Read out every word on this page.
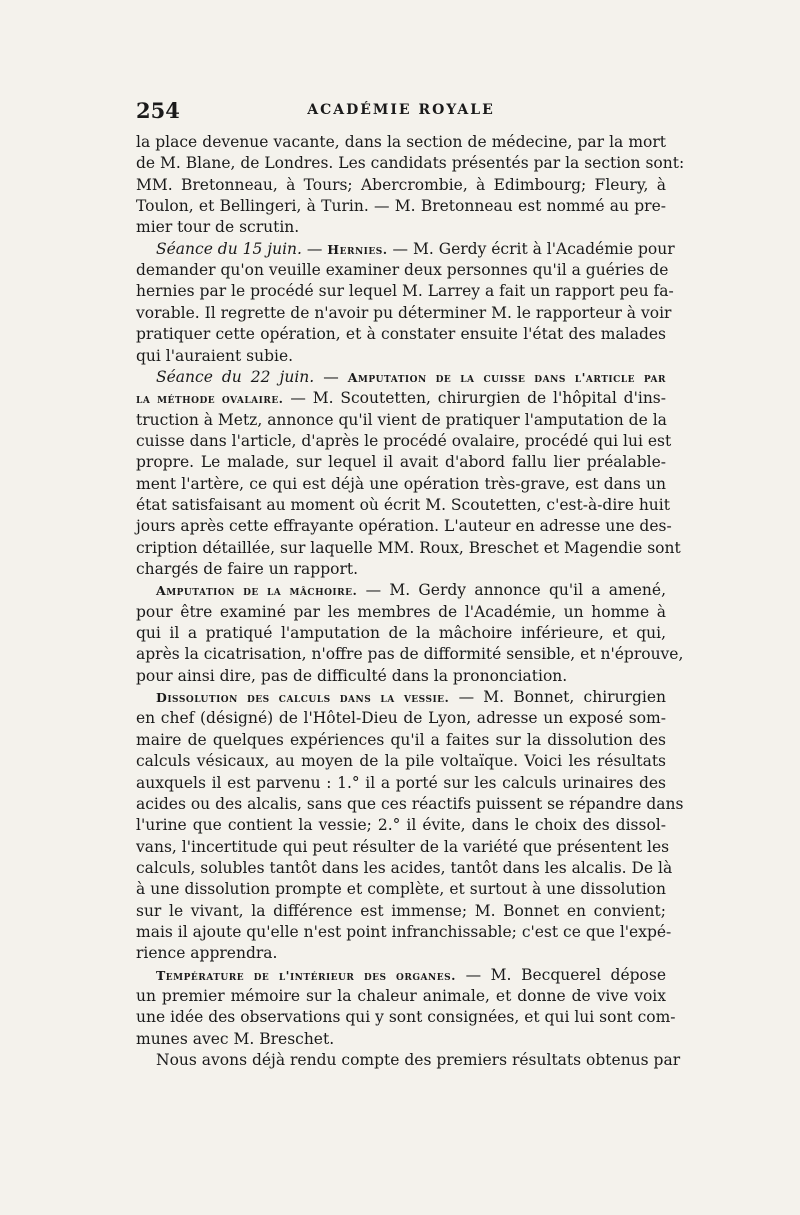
254	ACADÉMIE ROYALE
la place devenue vacante, dans la section de médecine, par la mort
de M. Blane, de Londres. Les candidats présentés par la section sont:
MM. Bretonneau, à Tours; Abercrombie, à Edimbourg; Fleury, à
Toulon, et Bellingeri, à Turin. — M. Bretonneau est nommé au pre-
mier tour de scrutin.
Séance du 15 juin. — Hernies. — M. Gerdy écrit à l'Académie pour
demander qu'on veuille examiner deux personnes qu'il a guéries de
hernies par le procédé sur lequel M. Larrey a fait un rapport peu fa-
vorable. Il regrette de n'avoir pu déterminer M. le rapporteur à voir
pratiquer cette opération, et à constater ensuite l'état des malades
qui l'auraient subie.
Séance du 22 juin. — Amputation de la cuisse dans l'article par
la méthode ovalaire. — M. Scoutetten, chirurgien de l'hôpital d'ins-
truction à Metz, annonce qu'il vient de pratiquer l'amputation de la
cuisse dans l'article, d'après le procédé ovalaire, procédé qui lui est
propre. Le malade, sur lequel il avait d'abord fallu lier préalable-
ment l'artère, ce qui est déjà une opération très-grave, est dans un
état satisfaisant au moment où écrit M. Scoutetten, c'est-à-dire huit
jours après cette effrayante opération. L'auteur en adresse une des-
cription détaillée, sur laquelle MM. Roux, Breschet et Magendie sont
chargés de faire un rapport.
Amputation de la mâchoire. — M. Gerdy annonce qu'il a amené,
pour être examiné par les membres de l'Académie, un homme à
qui il a pratiqué l'amputation de la mâchoire inférieure, et qui,
après la cicatrisation, n'offre pas de difformité sensible, et n'éprouve,
pour ainsi dire, pas de difficulté dans la prononciation.
Dissolution des calculs dans la vessie. — M. Bonnet, chirurgien
en chef (désigné) de l'Hôtel-Dieu de Lyon, adresse un exposé som-
maire de quelques expériences qu'il a faites sur la dissolution des
calculs vésicaux, au moyen de la pile voltaïque. Voici les résultats
auxquels il est parvenu : 1.° il a porté sur les calculs urinaires des
acides ou des alcalis, sans que ces réactifs puissent se répandre dans
l'urine que contient la vessie; 2.° il évite, dans le choix des dissol-
vans, l'incertitude qui peut résulter de la variété que présentent les
calculs, solubles tantôt dans les acides, tantôt dans les alcalis. De là
à une dissolution prompte et complète, et surtout à une dissolution
sur le vivant, la différence est immense; M. Bonnet en convient;
mais il ajoute qu'elle n'est point infranchissable; c'est ce que l'expé-
rience apprendra.
Température de l'intérieur des organes. — M. Becquerel dépose
un premier mémoire sur la chaleur animale, et donne de vive voix
une idée des observations qui y sont consignées, et qui lui sont com-
munes avec M. Breschet.
Nous avons déjà rendu compte des premiers résultats obtenus par
